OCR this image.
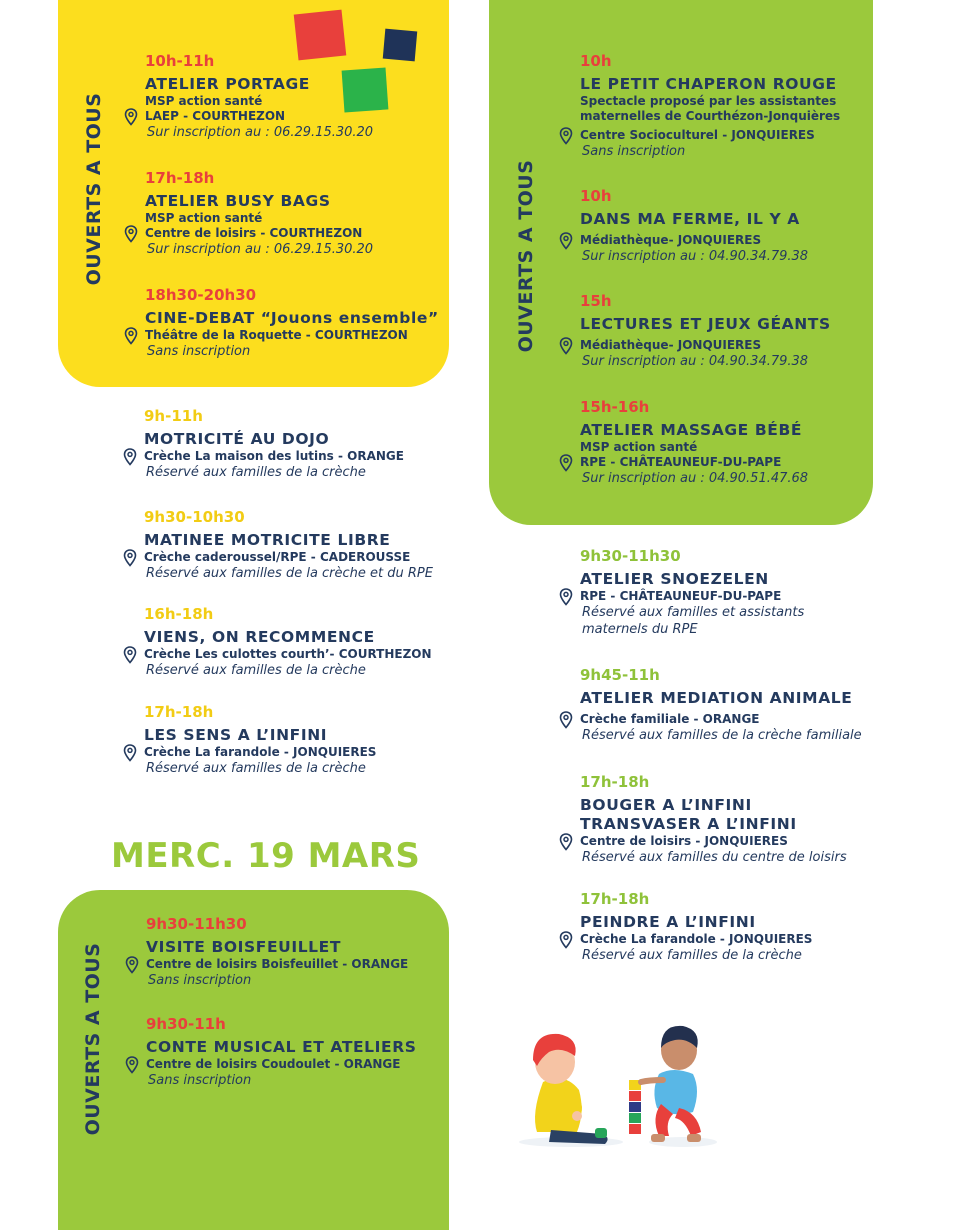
OUVERTS A TOUS	OUVERTS A TOUS
OUVERTS A TOUS
10h-11h
ATELIER PORTAGE
MSP action santé
LAEP - COURTHEZON
Sur inscription au : 06.29.15.30.20
17h-18h
ATELIER BUSY BAGS
MSP action santé
Centre de loisirs - COURTHEZON
Sur inscription au : 06.29.15.30.20
18h30-20h30
CINE-DEBAT “Jouons ensemble”
Théâtre de la Roquette - COURTHEZON
Sans inscription
9h-11h
MOTRICITÉ AU DOJO
Crèche La maison des lutins - ORANGE
Réservé aux familles de la crèche
9h30-10h30
MATINEE MOTRICITE LIBRE
Crèche caderoussel/RPE - CADEROUSSE
Réservé aux familles de la crèche et du RPE
16h-18h
VIENS, ON RECOMMENCE
Crèche Les culottes courth’- COURTHEZON
Réservé aux familles de la crèche
17h-18h
LES SENS A L’INFINI
Crèche La farandole - JONQUIERES
Réservé aux familles de la crèche
10h
LE PETIT CHAPERON ROUGE
Spectacle proposé par les assistantes maternelles de Courthézon-Jonquières
Centre Socioculturel - JONQUIERES
Sans inscription
10h
DANS MA FERME, IL Y A
Médiathèque- JONQUIERES
Sur inscription au : 04.90.34.79.38
15h
LECTURES ET JEUX GÉANTS
Médiathèque- JONQUIERES
Sur inscription au : 04.90.34.79.38
15h-16h
ATELIER MASSAGE BÉBÉ
MSP action santé
RPE - CHÂTEAUNEUF-DU-PAPE
Sur inscription au : 04.90.51.47.68
9h30-11h30
ATELIER SNOEZELEN
RPE - CHÂTEAUNEUF-DU-PAPE
Réservé aux familles et assistants maternels du RPE
9h45-11h
ATELIER MEDIATION ANIMALE
Crèche familiale - ORANGE
Réservé aux familles de la crèche familiale
17h-18h
BOUGER A L’INFINI TRANSVASER A L’INFINI
Centre de loisirs - JONQUIERES
Réservé aux familles du centre de loisirs
17h-18h
PEINDRE A L’INFINI
Crèche La farandole - JONQUIERES
Réservé aux familles de la crèche
MERC. 19 MARS
9h30-11h30
VISITE BOISFEUILLET
Centre de loisirs Boisfeuillet - ORANGE
Sans inscription
9h30-11h
CONTE MUSICAL ET ATELIERS
Centre de loisirs Coudoulet - ORANGE
Sans inscription
